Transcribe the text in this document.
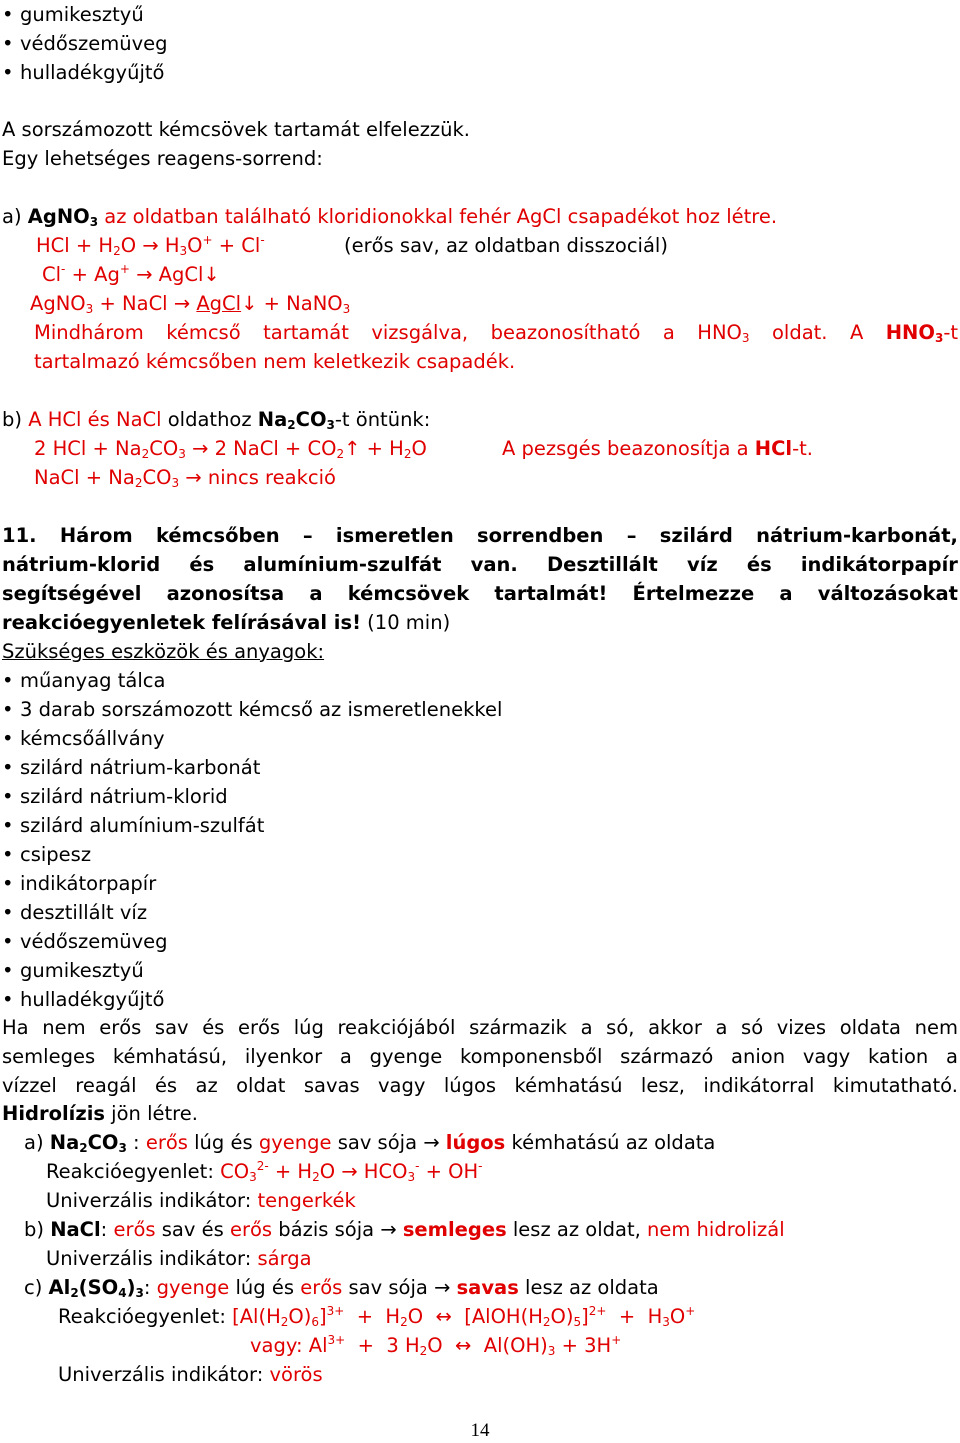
• gumikesztyű
• védőszemüveg
• hulladékgyűjtő
A sorszámozott kémcsövek tartamát elfelezzük.
Egy lehetséges reagens-sorrend:
a) AgNO$_3$ az oldatban található kloridionokkal fehér AgCl csapadékot hoz létre.
HCl + $H_2O \to H_3O^+ + Cl^-$	(erős sav, az oldatban disszociál)
Cl- + Ag+ → AgCl↓
AgNO$_3$ + NaCl → AgCl↓ + NaNO$_3$
Mindhárom kémcső tartamát vizsgálva, beazonosítható a $HNO_3$ oldat. A $HNO_3-t$
tartalmazó kémcsőben nem keletkezik csapadék.
b) A HCl és NaCl oldathoz $Na_2CO_3-t$ öntünk:
2 HCl + $Na_2CO_3 \to 2$ NaCl + $CO_2↑ + H_2O$	A pezsgés beazonosítja a HCl-t.
NaCl + $Na_2CO_3$ → nincs reakció
11. Három kémcsőben – ismeretlen sorrendben – szilárd nátrium-karbonát,
nátrium-klorid és alumínium-szulfát van. Desztillált víz és indikátorpapír
segítségével azonosítsa a kémcsövek tartalmát! Értelmezze a változásokat
reakcióegyenletek felírásával is! (10 min)
Szükséges eszközök és anyagok:
• műanyag tálca
• 3 darab sorszámozott kémcső az ismeretlenekkel
• kémcsőállvány
• szilárd nátrium-karbonát
• szilárd nátrium-klorid
• szilárd alumínium-szulfát
• csipesz
• indikátorpapír
• desztillált víz
• védőszemüveg
• gumikesztyű
• hulladékgyűjtő
Ha nem erős sav és erős lúg reakciójából származik a só, akkor a só vizes oldata nem
semleges kémhatású, ilyenkor a gyenge komponensből származó anion vagy kation a
vízzel reagál és az oldat savas vagy lúgos kémhatású lesz, indikátorral kimutatható.
Hidrolízis jön létre.
a) $Na_2CO_3$ : erős lúg és gyenge sav sója → lúgos kémhatású az oldata
Reakcióegyenlet: $CO_3^{2-} + H_2O \to HCO_3^- + OH^-$
Univerzális indikátor: tengerkék
b) NaCl: erős sav és erős bázis sója → semleges lesz az oldat, nem hidrolizál
Univerzális indikátor: sárga
c) $Al_2(SO_4)_3$: gyenge lúg és erős sav sója → savas lesz az oldata
Reakcióegyenlet: $[Al(H_2O)_6]^{3+} + H_2O$  ↔  $[AlOH(H_2O)_5]^{2+} + H_3O^+$
vagy: $Al^{3+} + 3$ $H_2O$  ↔  $Al(OH)_3 + 3H^+$
Univerzális indikátor: vörös
14
